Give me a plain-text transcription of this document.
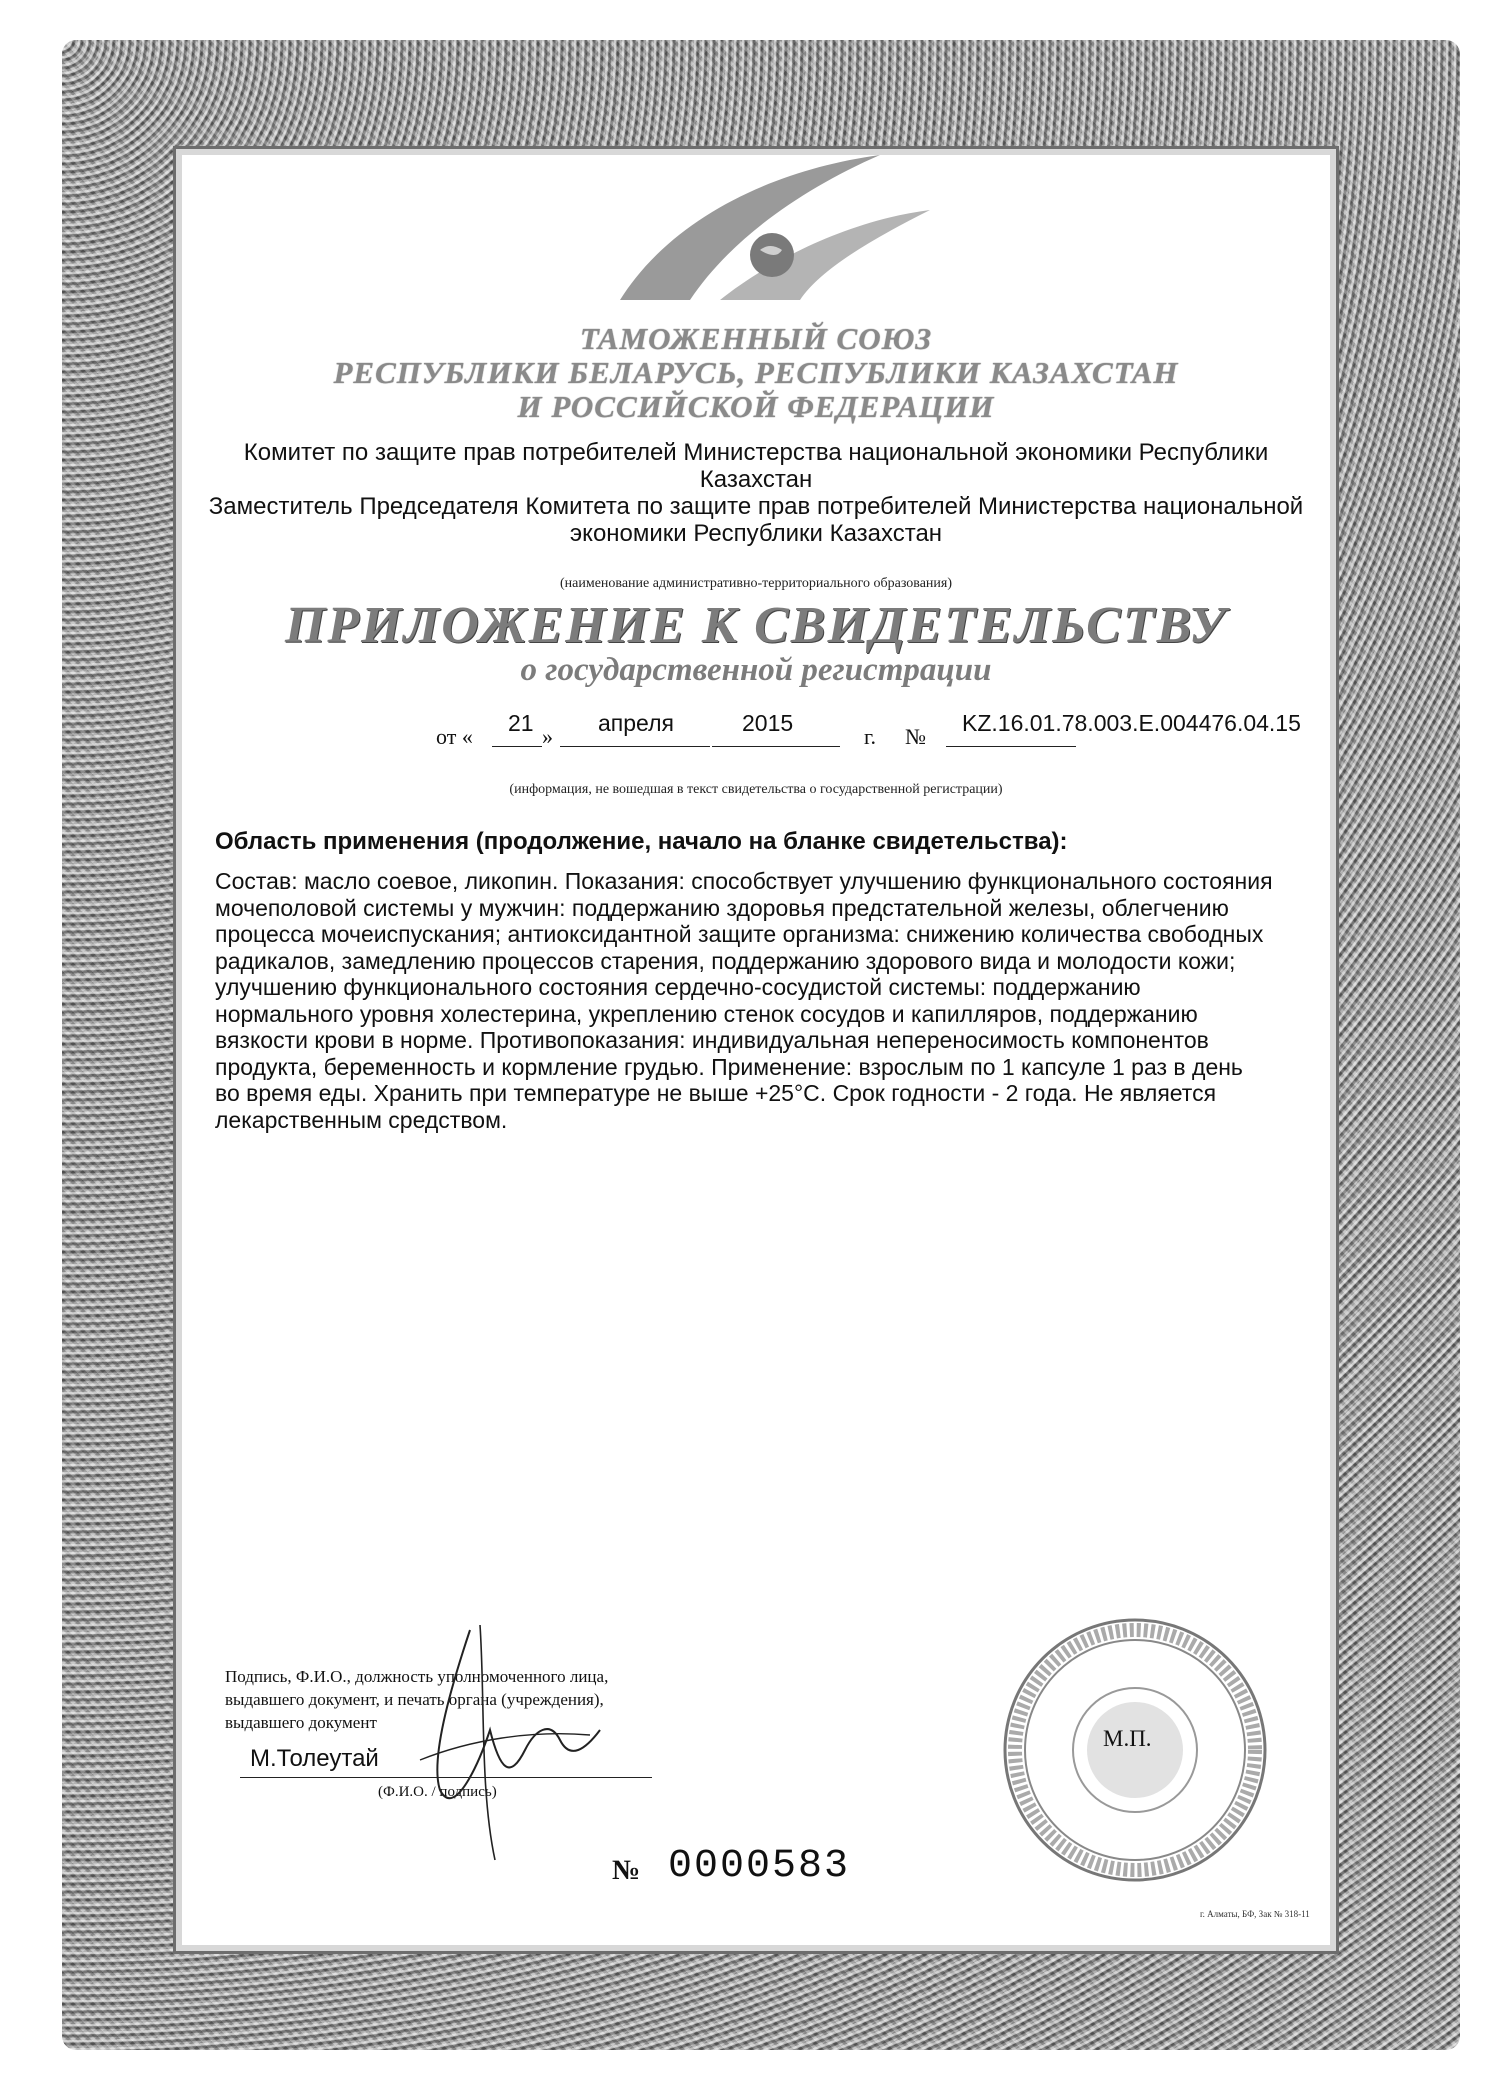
ТАМОЖЕННЫЙ СОЮЗ
РЕСПУБЛИКИ БЕЛАРУСЬ, РЕСПУБЛИКИ КАЗАХСТАН
И РОССИЙСКОЙ ФЕДЕРАЦИИ
Комитет по защите прав потребителей Министерства национальной экономики Республики
Казахстан
Заместитель Председателя Комитета по защите прав потребителей Министерства национальной
экономики Республики Казахстан
(наименование административно-территориального образования)
ПРИЛОЖЕНИЕ К СВИДЕТЕЛЬСТВУ
о государственной регистрации
от «
21
»
апреля	2015
г. №
KZ.16.01.78.003.E.004476.04.15
(информация, не вошедшая в текст свидетельства о государственной регистрации)
Область применения (продолжение, начало на бланке свидетельства):
Состав: масло соевое, ликопин. Показания: способствует улучшению функционального состояния
мочеполовой системы у мужчин: поддержанию здоровья предстательной железы, облегчению
процесса мочеиспускания; антиоксидантной защите организма: снижению количества свободных
радикалов, замедлению процессов старения, поддержанию здорового вида и молодости кожи;
улучшению функционального состояния сердечно-сосудистой системы: поддержанию
нормального уровня холестерина, укреплению стенок сосудов и капилляров, поддержанию
вязкости крови в норме. Противопоказания: индивидуальная непереносимость компонентов
продукта, беременность и кормление грудью. Применение: взрослым по 1 капсуле 1 раз в день
во время еды. Хранить при температуре не выше +25°С. Срок годности - 2 года. Не является
лекарственным средством.
Подпись, Ф.И.О., должность уполномоченного лица,
выдавшего документ, и печать органа (учреждения),
выдавшего документ
М.Толеутай
(Ф.И.О. / подпись)
М.П.
№ 0000583
г. Алматы, БФ, Зак № 318-11
